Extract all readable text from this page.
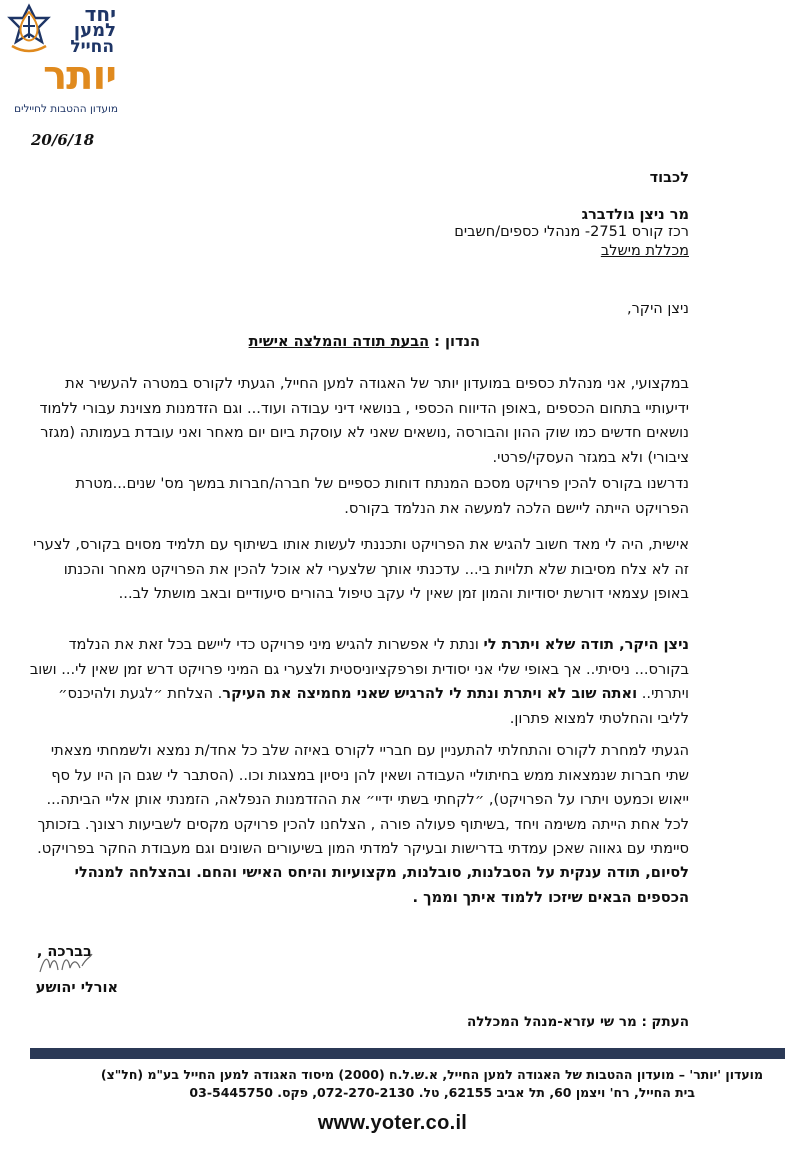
יחד
למען
החייל
יותר
מועדון ההטבות לחיילים
20/6/18
לכבוד
מר ניצן גולדברג
רכז קורס 2751- מנהלי כספים/חשבים
מכללת מישלב
ניצן היקר,
הנדון : הבעת תודה והמלצה אישית
במקצועי, אני מנהלת כספים במועדון יותר של האגודה למען החייל, הגעתי לקורס במטרה להעשיר את ידיעותיי בתחום הכספים ,באופן הדיווח הכספי , בנושאי דיני עבודה ועוד... וגם הזדמנות מצוינת עבורי ללמוד נושאים חדשים כמו שוק ההון והבורסה ,נושאים שאני לא עוסקת ביום יום מאחר ואני עובדת בעמותה (מגזר ציבורי) ולא במגזר העסקי/פרטי.
נדרשנו בקורס להכין פרויקט מסכם המנתח דוחות כספיים של חברה/חברות במשך מס' שנים...מטרת הפרויקט הייתה ליישם הלכה למעשה את הנלמד בקורס.
אישית, היה לי מאד חשוב להגיש את הפרויקט ותכננתי לעשות אותו בשיתוף עם תלמיד מסוים בקורס, לצערי זה לא צלח מסיבות שלא תלויות בי... עדכנתי אותך שלצערי לא אוכל להכין את הפרויקט מאחר והכנתו באופן עצמאי דורשת יסודיות והמון זמן שאין לי עקב טיפול בהורים סיעודיים ובאב מושתל לב...
ניצן היקר, תודה שלא ויתרת לי ונתת לי אפשרות להגיש מיני פרויקט כדי ליישם בכל זאת את הנלמד בקורס... ניסיתי.. אך באופי שלי אני יסודית ופרפקציוניסטית ולצערי גם המיני פרויקט דרש זמן שאין לי... ושוב ויתרתי.. ואתה שוב לא ויתרת ונתת לי להרגיש שאני מחמיצה את העיקר. הצלחת ״לגעת ולהיכנס״ לליבי והחלטתי למצוא פתרון.
הגעתי למחרת לקורס והתחלתי להתעניין עם חבריי לקורס באיזה שלב כל אחד/ת נמצא ולשמחתי מצאתי שתי חברות שנמצאות ממש בחיתוליי העבודה ושאין להן ניסיון במצגות וכו.. (הסתבר לי שגם הן היו על סף ייאוש וכמעט ויתרו על הפרויקט), ״לקחתי בשתי ידיי״ את ההזדמנות הנפלאה, הזמנתי אותן אליי הביתה... לכל אחת הייתה משימה ויחד ,בשיתוף פעולה פורה , הצלחנו להכין פרויקט מקסים לשביעות רצונך. בזכותך סיימתי עם גאווה שאכן עמדתי בדרישות ובעיקר למדתי המון בשיעורים השונים וגם מעבודת החקר בפרויקט.
לסיום, תודה ענקית על הסבלנות, סובלנות, מקצועיות והיחס האישי והחם. ובהצלחה למנהלי הכספים הבאים שיזכו ללמוד איתך וממך .
בברכה ,
אורלי יהושע
העתק : מר שי עזרא-מנהל המכללה
מועדון 'יותר' – מועדון ההטבות של האגודה למען החייל, א.ש.ל.ח (2000) מיסוד האגודה למען החייל בע"מ (חל"צ)
בית החייל, רח' ויצמן 60, תל אביב 62155, טל. 072-270-2130, פקס. 03-5445750
www.yoter.co.il
